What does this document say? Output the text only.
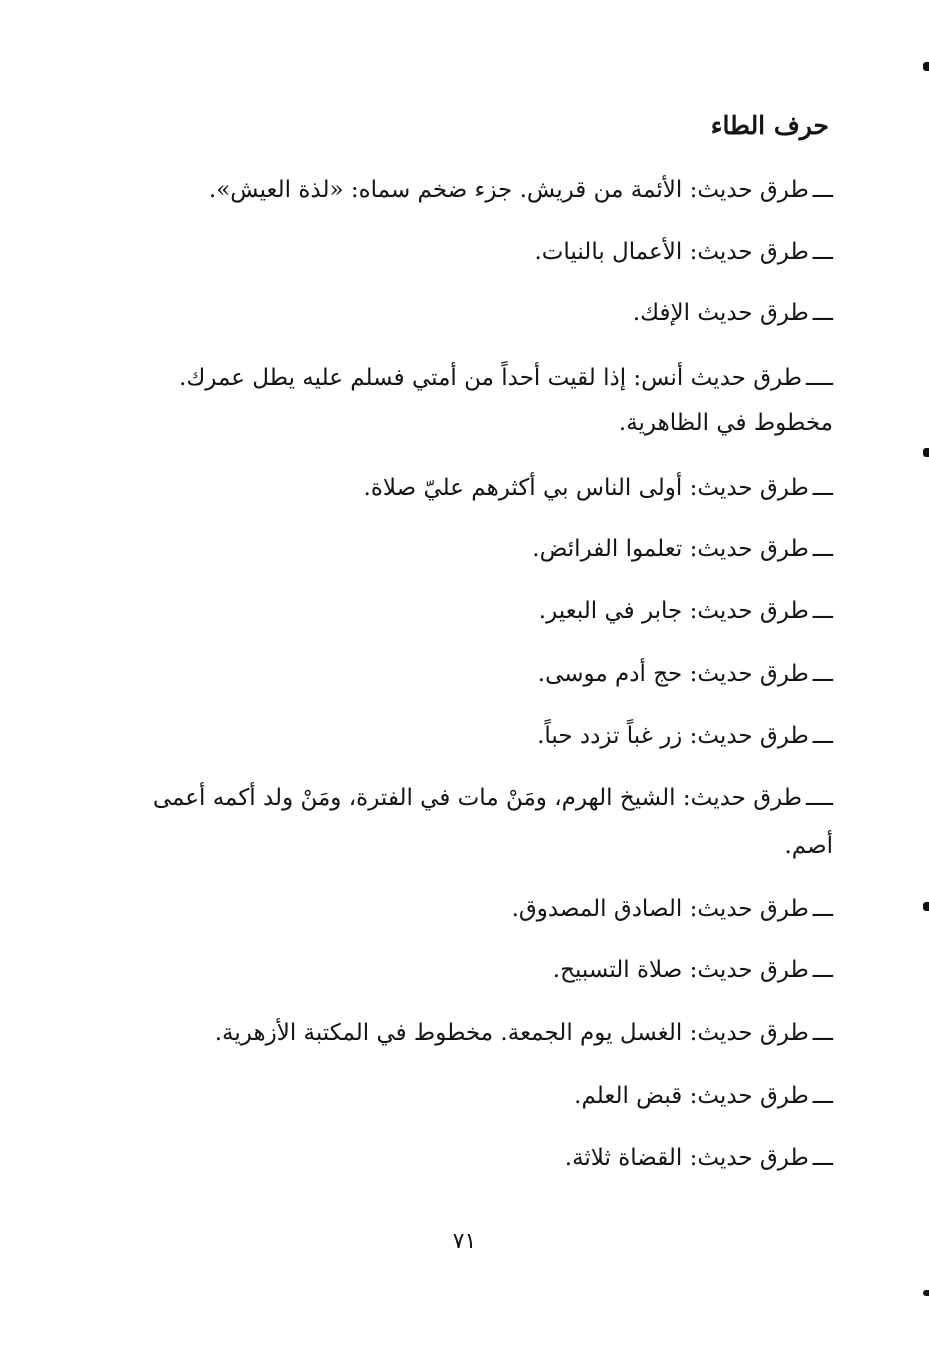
حرف الطاء
ـــطرق حديث: الأئمة من قريش. جزء ضخم سماه: «لذة العيش».
ـــطرق حديث: الأعمال بالنيات.
ـــطرق حديث الإفك.
ــــطرق حديث أنس: إذا لقيت أحداً من أمتي فسلم عليه يطل عمرك.
مخطوط في الظاهرية.
ـــطرق حديث: أولى الناس بي أكثرهم عليّ صلاة.
ـــطرق حديث: تعلموا الفرائض.
ـــطرق حديث: جابر في البعير.
ـــطرق حديث: حج أدم موسى.
ـــطرق حديث: زر غباً تزدد حباً.
ــــطرق حديث: الشيخ الهرم، ومَنْ مات في الفترة، ومَنْ ولد أكمه أعمى
أصم.
ـــطرق حديث: الصادق المصدوق.
ـــطرق حديث: صلاة التسبيح.
ـــطرق حديث: الغسل يوم الجمعة. مخطوط في المكتبة الأزهرية.
ـــطرق حديث: قبض العلم.
ـــطرق حديث: القضاة ثلاثة.
٧١
